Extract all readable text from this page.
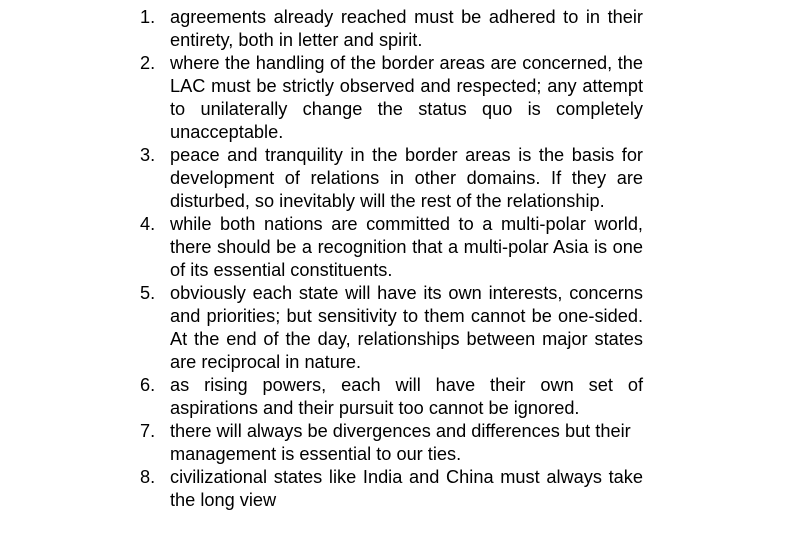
1. agreements already reached must be adhered to in their entirety, both in letter and spirit.
2. where the handling of the border areas are concerned, the LAC must be strictly observed and respected; any attempt to unilaterally change the status quo is completely unacceptable.
3. peace and tranquility in the border areas is the basis for development of relations in other domains. If they are disturbed, so inevitably will the rest of the relationship.
4. while both nations are committed to a multi-polar world, there should be a recognition that a multi-polar Asia is one of its essential constituents.
5. obviously each state will have its own interests, concerns and priorities; but sensitivity to them cannot be one-sided. At the end of the day, relationships between major states are reciprocal in nature.
6. as rising powers, each will have their own set of aspirations and their pursuit too cannot be ignored.
7. there will always be divergences and differences but their management is essential to our ties.
8. civilizational states like India and China must always take the long view
